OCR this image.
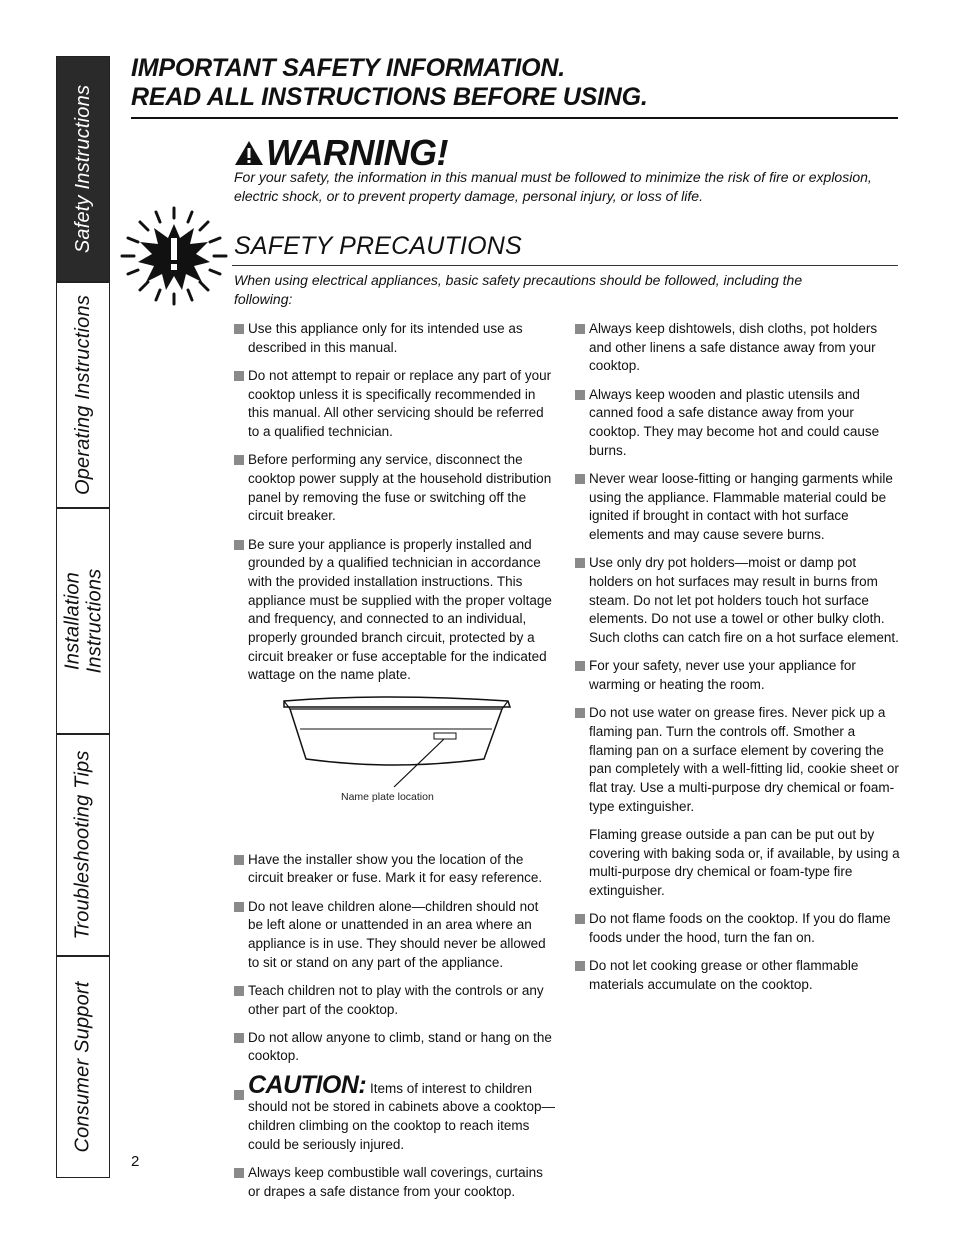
Safety Instructions
Operating Instructions
Installation Instructions
Troubleshooting Tips
Consumer Support
IMPORTANT SAFETY INFORMATION.
READ ALL INSTRUCTIONS BEFORE USING.
WARNING!
For your safety, the information in this manual must be followed to minimize the risk of fire or explosion, electric shock, or to prevent property damage, personal injury, or loss of life.
SAFETY PRECAUTIONS
When using electrical appliances, basic safety precautions should be followed, including the following:
Use this appliance only for its intended use as described in this manual.
Do not attempt to repair or replace any part of your cooktop unless it is specifically recommended in this manual. All other servicing should be referred to a qualified technician.
Before performing any service, disconnect the cooktop power supply at the household distribution panel by removing the fuse or switching off the circuit breaker.
Be sure your appliance is properly installed and grounded by a qualified technician in accordance with the provided installation instructions. This appliance must be supplied with the proper voltage and frequency, and connected to an individual, properly grounded branch circuit, protected by a circuit breaker or fuse acceptable for the indicated wattage on the name plate.
Name plate location
Have the installer show you the location of the circuit breaker or fuse. Mark it for easy reference.
Do not leave children alone—children should not be left alone or unattended in an area where an appliance is in use. They should never be allowed to sit or stand on any part of the appliance.
Teach children not to play with the controls or any other part of the cooktop.
Do not allow anyone to climb, stand or hang on the cooktop.
CAUTION: Items of interest to children should not be stored in cabinets above a cooktop—children climbing on the cooktop to reach items could be seriously injured.
Always keep combustible wall coverings, curtains or drapes a safe distance from your cooktop.
Always keep dishtowels, dish cloths, pot holders and other linens a safe distance away from your cooktop.
Always keep wooden and plastic utensils and canned food a safe distance away from your cooktop. They may become hot and could cause burns.
Never wear loose-fitting or hanging garments while using the appliance. Flammable material could be ignited if brought in contact with hot surface elements and may cause severe burns.
Use only dry pot holders—moist or damp pot holders on hot surfaces may result in burns from steam. Do not let pot holders touch hot surface elements. Do not use a towel or other bulky cloth. Such cloths can catch fire on a hot surface element.
For your safety, never use your appliance for warming or heating the room.
Do not use water on grease fires. Never pick up a flaming pan. Turn the controls off. Smother a flaming pan on a surface element by covering the pan completely with a well-fitting lid, cookie sheet or flat tray. Use a multi-purpose dry chemical or foam-type extinguisher.
Flaming grease outside a pan can be put out by covering with baking soda or, if available, by using a multi-purpose dry chemical or foam-type fire extinguisher.
Do not flame foods on the cooktop. If you do flame foods under the hood, turn the fan on.
Do not let cooking grease or other flammable materials accumulate on the cooktop.
2
